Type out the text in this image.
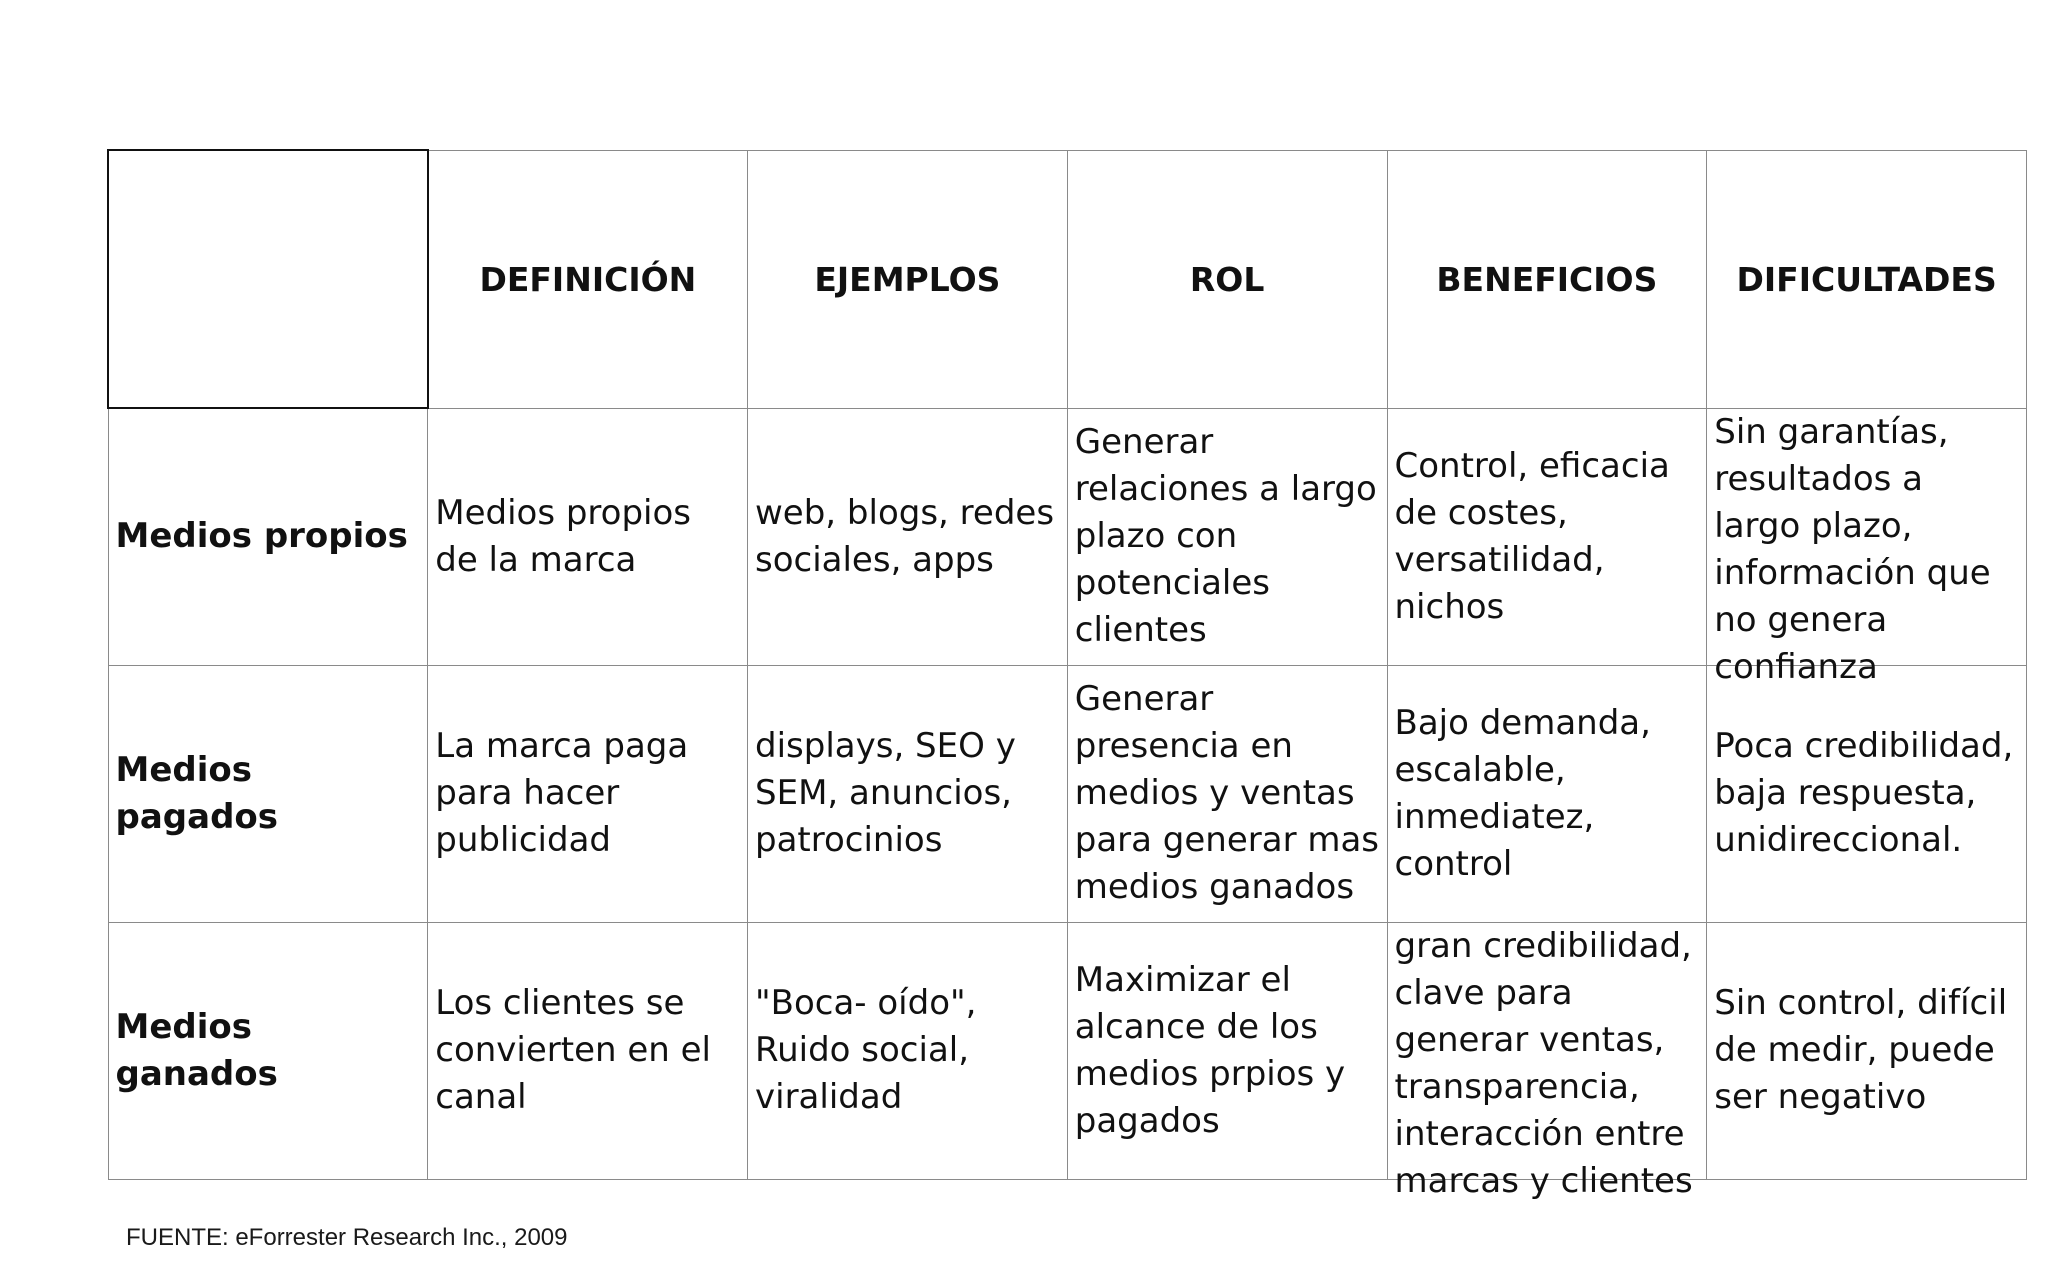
	DEFINICIÓN	EJEMPLOS	ROL	BENEFICIOS	DIFICULTADES
Medios propios	Medios propios de la marca	web, blogs, redes sociales, apps	Generar relaciones a largo plazo con potenciales clientes	Control, eficacia de costes, versatilidad, nichos	Sin garantías, resultados a largo plazo, información que no genera confianza

Medios pagados	La marca paga para hacer publicidad	displays, SEO y SEM, anuncios, patrocinios	Generar presencia en medios y ventas para generar mas medios ganados	Bajo demanda, escalable, inmediatez, control	Poca credibilidad, baja respuesta, unidireccional.

Medios ganados	Los clientes se convierten en el canal	"Boca- oído", Ruido social, viralidad	Maximizar el alcance de los medios prpios y pagados	gran credibilidad, clave para generar ventas, transparencia, interacción entre marcas y clientes	Sin control, difícil de medir, puede ser negativo
FUENTE: eForrester Research Inc., 2009
